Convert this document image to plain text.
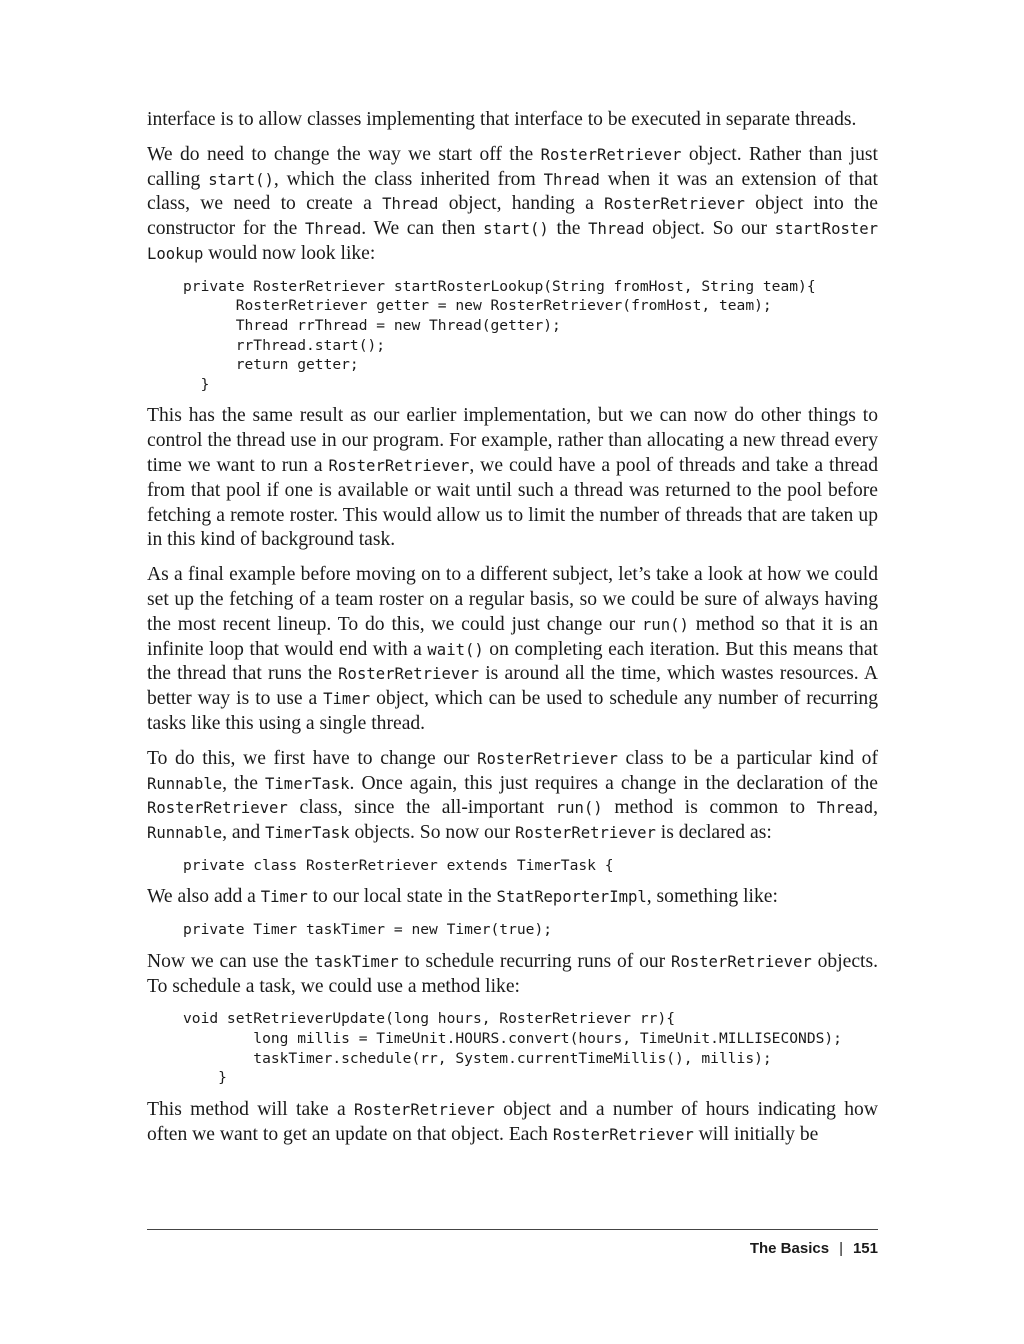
interface is to allow classes implementing that interface to be executed in separate threads.

We do need to change the way we start off the RosterRetriever object. Rather than just calling start(), which the class inherited from Thread when it was an extension of that class, we need to create a Thread object, handing a RosterRetriever object into the constructor for the Thread. We can then start() the Thread object. So our startRoster Lookup would now look like:

private RosterRetriever startRosterLookup(String fromHost, String team){
RosterRetriever getter = new RosterRetriever(fromHost, team);
Thread rrThread = new Thread(getter);
rrThread.start();
return getter;
}

This has the same result as our earlier implementation, but we can now do other things to control the thread use in our program. For example, rather than allocating a new thread every time we want to run a RosterRetriever, we could have a pool of threads and take a thread from that pool if one is available or wait until such a thread was returned to the pool before fetching a remote roster. This would allow us to limit the number of threads that are taken up in this kind of background task.

As a final example before moving on to a different subject, let’s take a look at how we could set up the fetching of a team roster on a regular basis, so we could be sure of always having the most recent lineup. To do this, we could just change our run() method so that it is an infinite loop that would end with a wait() on completing each iteration. But this means that the thread that runs the RosterRetriever is around all the time, which wastes resources. A better way is to use a Timer object, which can be used to schedule any number of recurring tasks like this using a single thread.

To do this, we first have to change our RosterRetriever class to be a particular kind of Runnable, the TimerTask. Once again, this just requires a change in the declaration of the RosterRetriever class, since the all-important run() method is common to Thread, Runnable, and TimerTask objects. So now our RosterRetriever is declared as:

private class RosterRetriever extends TimerTask {

We also add a Timer to our local state in the StatReporterImpl, something like:

private Timer taskTimer = new Timer(true);

Now we can use the taskTimer to schedule recurring runs of our RosterRetriever objects. To schedule a task, we could use a method like:

void setRetrieverUpdate(long hours, RosterRetriever rr){
long millis = TimeUnit.HOURS.convert(hours, TimeUnit.MILLISECONDS);
taskTimer.schedule(rr, System.currentTimeMillis(), millis);
}

This method will take a RosterRetriever object and a number of hours indicating how often we want to get an update on that object. Each RosterRetriever will initially be

The Basics | 151
